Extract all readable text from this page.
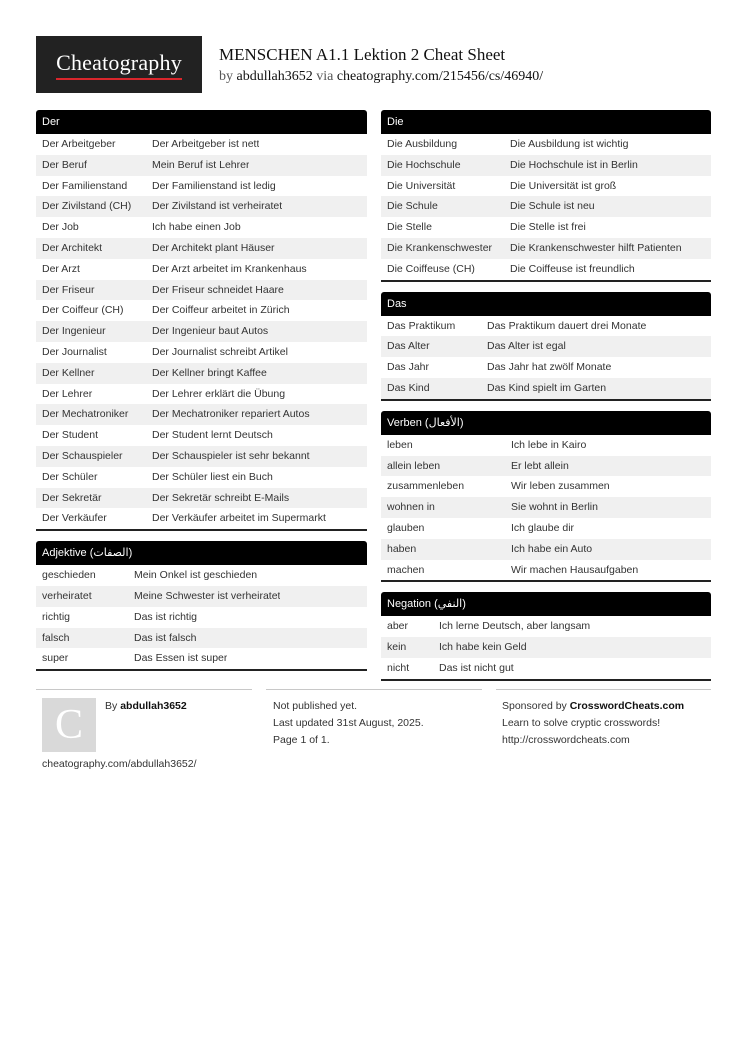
Cheatography MENSCHEN A1.1 Lektion 2 Cheat Sheet
by abdullah3652 via cheatography.com/215456/cs/46940/
Der
Der Arbeitgeber	Der Arbeitgeber ist nett
Der Beruf	Mein Beruf ist Lehrer
Der Familienstand	Der Familienstand ist ledig
Der Zivilstand (CH)	Der Zivilstand ist verheiratet
Der Job	Ich habe einen Job
Der Architekt	Der Architekt plant Häuser
Der Arzt	Der Arzt arbeitet im Krankenhaus
Der Friseur	Der Friseur schneidet Haare
Der Coiffeur (CH)	Der Coiffeur arbeitet in Zürich
Der Ingenieur	Der Ingenieur baut Autos
Der Journalist	Der Journalist schreibt Artikel
Der Kellner	Der Kellner bringt Kaffee
Der Lehrer	Der Lehrer erklärt die Übung
Der Mechatroniker	Der Mechatroniker repariert Autos
Der Student	Der Student lernt Deutsch
Der Schauspieler	Der Schauspieler ist sehr bekannt
Der Schüler	Der Schüler liest ein Buch
Der Sekretär	Der Sekretär schreibt E-Mails
Der Verkäufer	Der Verkäufer arbeitet im Supermarkt
Adjektive (الصفات)
geschieden	Mein Onkel ist geschieden
verheiratet	Meine Schwester ist verheiratet
richtig	Das ist richtig
falsch	Das ist falsch
super	Das Essen ist super
Die
Die Ausbildung	Die Ausbildung ist wichtig
Die Hochschule	Die Hochschule ist in Berlin
Die Universität	Die Universität ist groß
Die Schule	Die Schule ist neu
Die Stelle	Die Stelle ist frei
Die Krankenschwester	Die Krankenschwester hilft Patienten
Die Coiffeuse (CH)	Die Coiffeuse ist freundlich
Das
Das Praktikum	Das Praktikum dauert drei Monate
Das Alter	Das Alter ist egal
Das Jahr	Das Jahr hat zwölf Monate
Das Kind	Das Kind spielt im Garten
Verben (الأفعال)
leben	Ich lebe in Kairo
allein leben	Er lebt allein
zusammenleben	Wir leben zusammen
wohnen in	Sie wohnt in Berlin
glauben	Ich glaube dir
haben	Ich habe ein Auto
machen	Wir machen Hausaufgaben
Negation (النفي)
aber	Ich lerne Deutsch, aber langsam
kein	Ich habe kein Geld
nicht	Das ist nicht gut
C By abdullah3652
cheatography.com/abdullah3652/
Not published yet.
Last updated 31st August, 2025.
Page 1 of 1.
Sponsored by CrosswordCheats.com
Learn to solve cryptic crosswords!
http://crosswordcheats.com
